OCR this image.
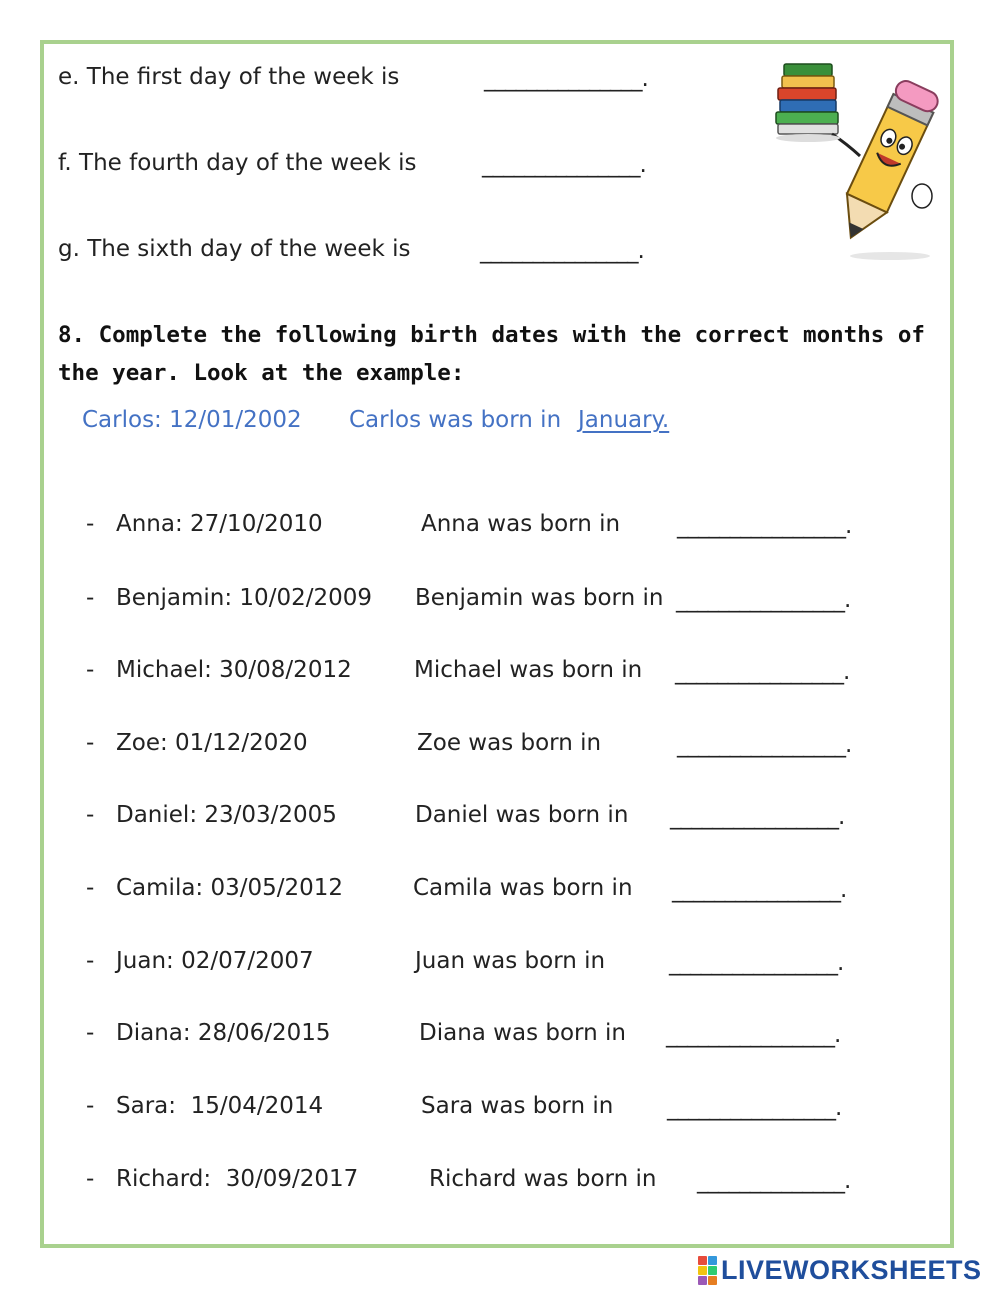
e. The first day of the week is	_______________.
f. The fourth day of the week is	_______________.
g. The sixth day of the week is	_______________.
8. Complete the following birth dates with the correct months of
the year. Look at the example:
Carlos: 12/01/2002 Carlos was born in January.
- Anna: 27/10/2010	Anna was born in ________________.
- Benjamin: 10/02/2009 Benjamin was born in ________________.
- Michael: 30/08/2012	Michael was born in ________________.
- Zoe: 01/12/2020	Zoe was born in	________________.
- Daniel: 23/03/2005	Daniel was born in ________________.
- Camila: 03/05/2012	Camila was born in ________________.
- Juan: 02/07/2007	Juan was born in	________________.
- Diana: 28/06/2015	Diana was born in ________________.
- Sara:  15/04/2014	Sara was born in ________________.
- Richard:  30/09/2017	Richard was born in ______________.
LIVEWORKSHEETS
